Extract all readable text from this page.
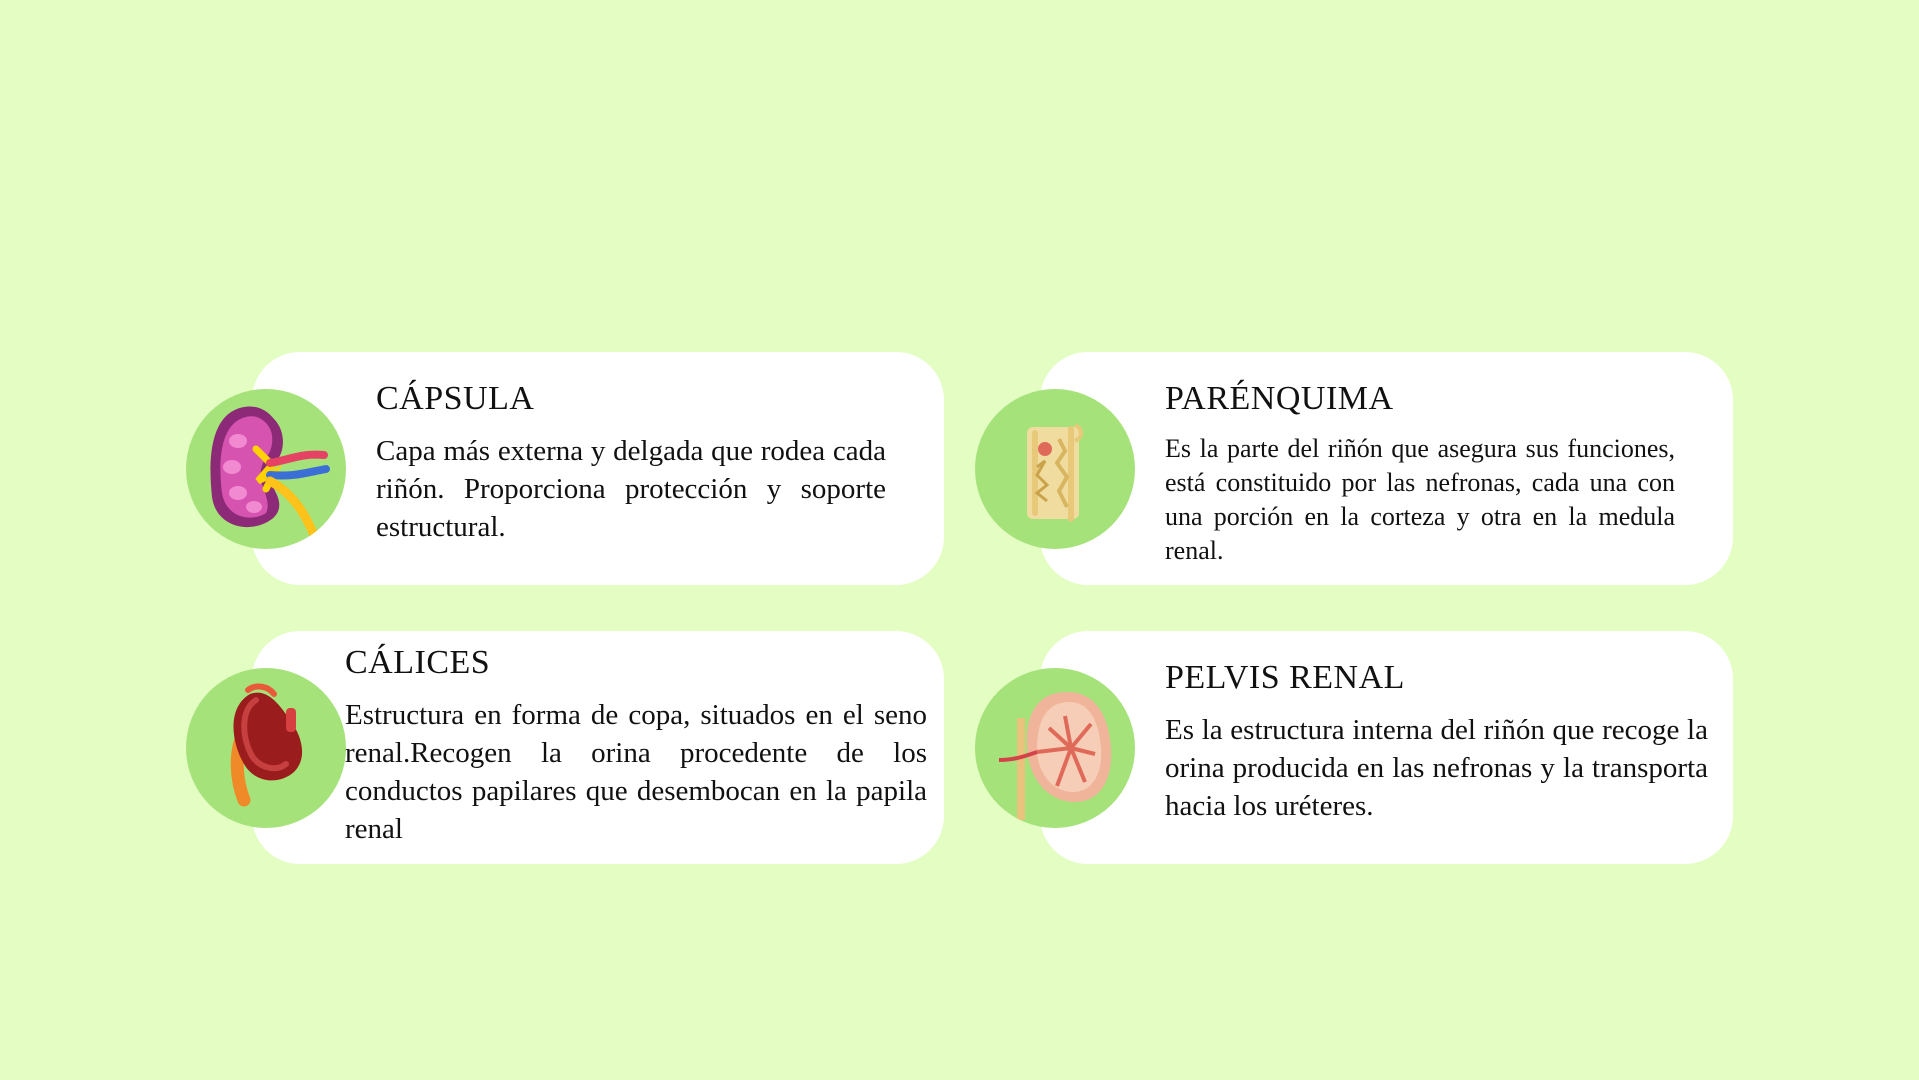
CÁPSULA

Capa más externa y delgada que rodea cada riñón. Proporciona protección y soporte estructural.

PARÉNQUIMA

Es la parte del riñón que asegura sus funciones, está constituido por las nefronas, cada una con una porción en la corteza y otra en la medula renal.

CÁLICES

Estructura en forma de copa, situados en el seno renal.Recogen la orina procedente de los conductos papilares que desembocan en la papila renal

PELVIS RENAL

Es la estructura interna del riñón que recoge la orina producida en las nefronas y la transporta hacia los uréteres.
